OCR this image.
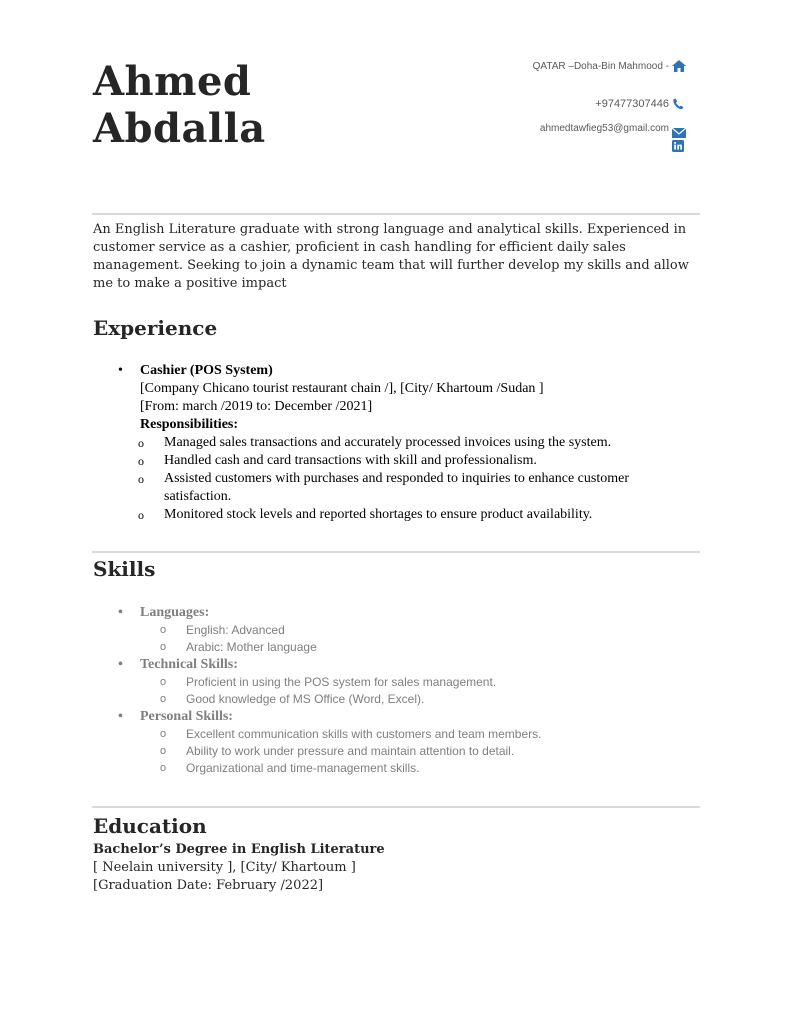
Ahmed
Abdalla
QATAR –Doha-Bin Mahmood -
+97477307446
ahmedtawfieg53@gmail.com
An English Literature graduate with strong language and analytical skills. Experienced in customer service as a cashier, proficient in cash handling for efficient daily sales management. Seeking to join a dynamic team that will further develop my skills and allow me to make a positive impact
Experience
• Cashier (POS System)
[Company Chicano tourist restaurant chain /], [City/ Khartoum /Sudan ]
[From: march /2019 to: December /2021]
Responsibilities:
o Managed sales transactions and accurately processed invoices using the system.
o Handled cash and card transactions with skill and professionalism.
o Assisted customers with purchases and responded to inquiries to enhance customer satisfaction.
o Monitored stock levels and reported shortages to ensure product availability.
Skills
• Languages:
o English: Advanced
o Arabic: Mother language
• Technical Skills:
o Proficient in using the POS system for sales management.
o Good knowledge of MS Office (Word, Excel).
• Personal Skills:
o Excellent communication skills with customers and team members.
o Ability to work under pressure and maintain attention to detail.
o Organizational and time-management skills.
Education
Bachelor’s Degree in English Literature
[ Neelain university ], [City/ Khartoum ]
[Graduation Date: February /2022]
